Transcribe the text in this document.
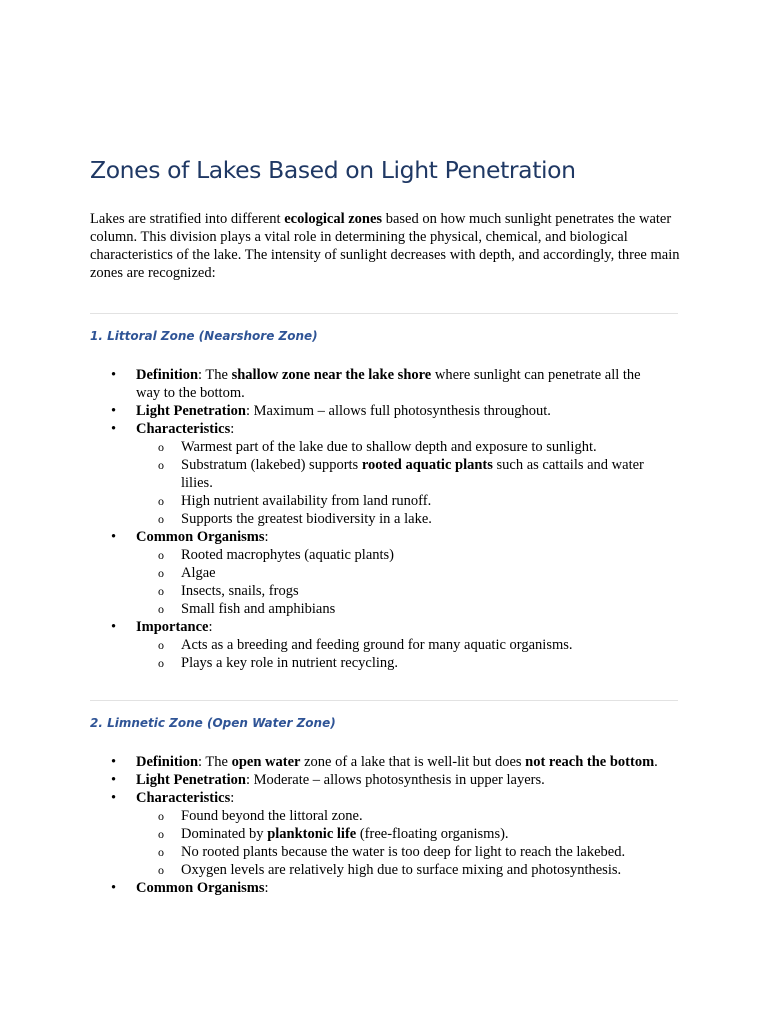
Zones of Lakes Based on Light Penetration

Lakes are stratified into different ecological zones based on how much sunlight penetrates the water column. This division plays a vital role in determining the physical, chemical, and biological characteristics of the lake. The intensity of sunlight decreases with depth, and accordingly, three main zones are recognized:

1. Littoral Zone (Nearshore Zone)
• Definition: The shallow zone near the lake shore where sunlight can penetrate all the way to the bottom.
• Light Penetration: Maximum – allows full photosynthesis throughout.
• Characteristics:
o Warmest part of the lake due to shallow depth and exposure to sunlight.
o Substratum (lakebed) supports rooted aquatic plants such as cattails and water lilies.
o High nutrient availability from land runoff.
o Supports the greatest biodiversity in a lake.
• Common Organisms:
o Rooted macrophytes (aquatic plants)
o Algae
o Insects, snails, frogs
o Small fish and amphibians
• Importance:
o Acts as a breeding and feeding ground for many aquatic organisms.
o Plays a key role in nutrient recycling.
2. Limnetic Zone (Open Water Zone)
• Definition: The open water zone of a lake that is well-lit but does not reach the bottom.
• Light Penetration: Moderate – allows photosynthesis in upper layers.
• Characteristics:
o Found beyond the littoral zone.
o Dominated by planktonic life (free-floating organisms).
o No rooted plants because the water is too deep for light to reach the lakebed.
o Oxygen levels are relatively high due to surface mixing and photosynthesis.
• Common Organisms:
